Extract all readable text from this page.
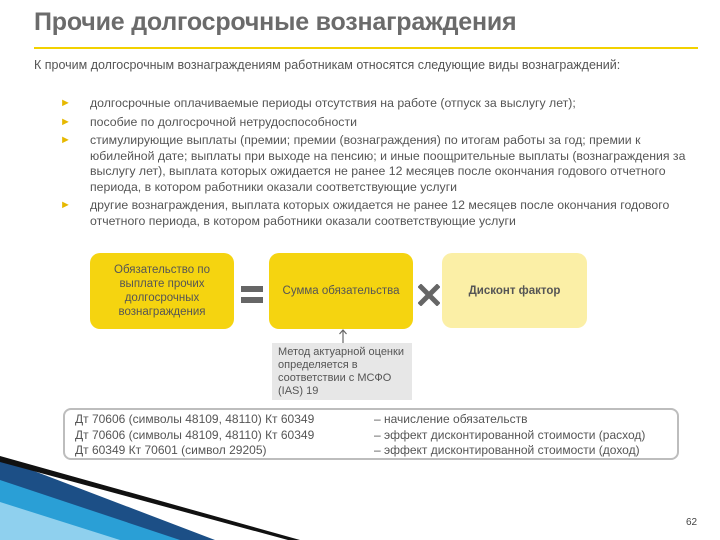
Прочие долгосрочные вознаграждения
К прочим долгосрочным вознаграждениям работникам относятся следующие виды вознаграждений:
► долгосрочные оплачиваемые периоды отсутствия на работе (отпуск за выслугу лет);
► пособие по долгосрочной нетрудоспособности
► стимулирующие выплаты (премии; премии (вознаграждения) по итогам работы за год; премии к юбилейной дате; выплаты при выходе на пенсию; и иные поощрительные выплаты (вознаграждения за выслугу лет), выплата которых ожидается не ранее 12 месяцев после окончания годового отчетного периода, в котором работники оказали соответствующие услуги
► другие вознаграждения, выплата которых ожидается не ранее 12 месяцев после окончания годового отчетного периода, в котором работники оказали соответствующие услуги
Обязательство по выплате прочих долгосрочных вознаграждения
Сумма обязательства	Дисконт фактор
Метод актуарной оценки определяется в соответствии с МСФО (IAS) 19
Дт 70606 (символы 48109, 48110) Кт 60349	– начисление обязательств
Дт 70606 (символы 48109, 48110) Кт 60349	– эффект дисконтированной стоимости (расход)
Дт 60349 Кт 70601 (символ 29205)	– эффект дисконтированной стоимости (доход)
62
